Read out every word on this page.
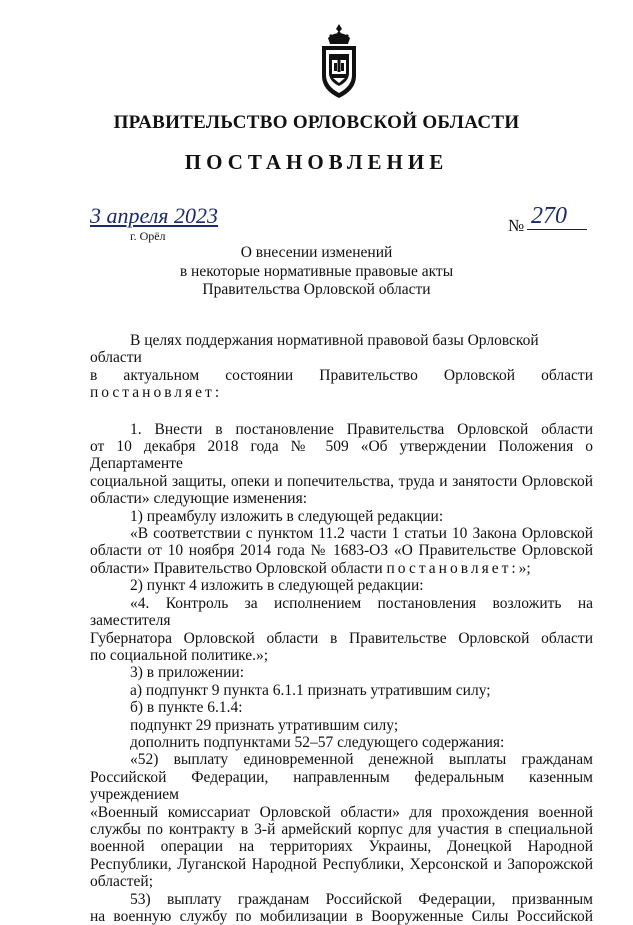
ПРАВИТЕЛЬСТВО ОРЛОВСКОЙ ОБЛАСТИ
ПОСТАНОВЛЕНИЕ
3 апреля 2023
г. Орёл
№ 270
О внесении изменений
в некоторые нормативные правовые акты
Правительства Орловской области

В целях поддержания нормативной правовой базы Орловской области

в актуальном состоянии Правительство Орловской области

постановляет:

1. Внести в постановление Правительства Орловской области

от 10 декабря 2018 года № 509 «Об утверждении Положения о Департаменте

социальной защиты, опеки и попечительства, труда и занятости Орловской

области» следующие изменения:

1) преамбулу изложить в следующей редакции:

«В соответствии с пунктом 11.2 части 1 статьи 10 Закона Орловской

области от 10 ноября 2014 года № 1683-ОЗ «О Правительстве Орловской

области» Правительство Орловской области постановляет:»;

2) пункт 4 изложить в следующей редакции:

«4. Контроль за исполнением постановления возложить на заместителя

Губернатора Орловской области в Правительстве Орловской области

по социальной политике.»;

3) в приложении:

а) подпункт 9 пункта 6.1.1 признать утратившим силу;

б) в пункте 6.1.4:

подпункт 29 признать утратившим силу;

дополнить подпунктами 52–57 следующего содержания:

«52) выплату единовременной денежной выплаты гражданам

Российской Федерации, направленным федеральным казенным учреждением

«Военный комиссариат Орловской области» для прохождения военной

службы по контракту в 3-й армейский корпус для участия в специальной

военной операции на территориях Украины, Донецкой Народной

Республики, Луганской Народной Республики, Херсонской и Запорожской

областей;

53) выплату гражданам Российской Федерации, призванным

на военную службу по мобилизации в Вооруженные Силы Российской
